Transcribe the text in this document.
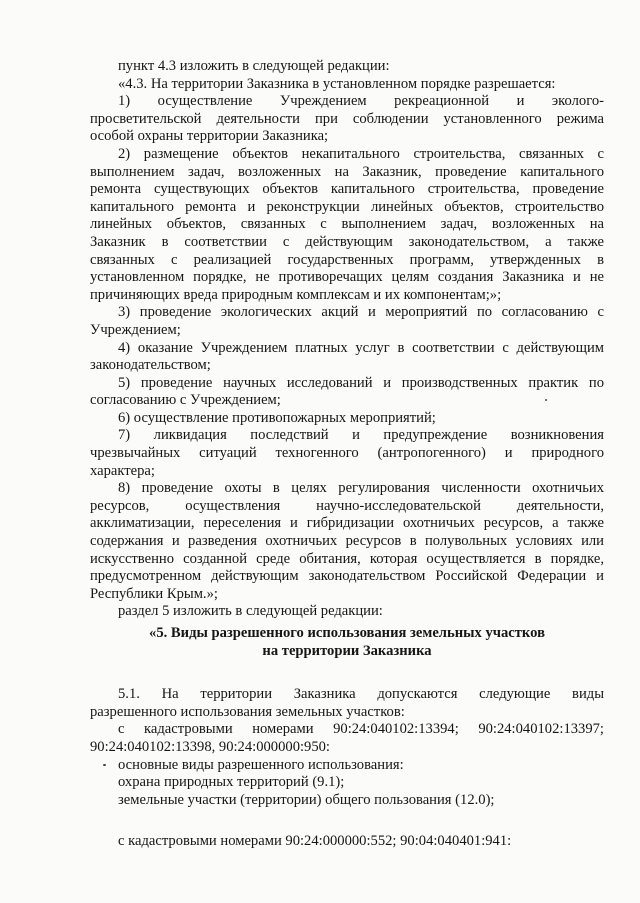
пункт 4.3 изложить в следующей редакции:
«4.3. На территории Заказника в установленном порядке разрешается:
1) осуществление Учреждением рекреационной и эколого-
просветительской деятельности при соблюдении установленного режима
особой охраны территории Заказника;
2) размещение объектов некапитального строительства, связанных с
выполнением задач, возложенных на Заказник, проведение капитального
ремонта существующих объектов капитального строительства, проведение
капитального ремонта и реконструкции линейных объектов, строительство
линейных объектов, связанных с выполнением задач, возложенных на
Заказник в соответствии с действующим законодательством, а также
связанных с реализацией государственных программ, утвержденных в
установленном порядке, не противоречащих целям создания Заказника и не
причиняющих вреда природным комплексам и их компонентам;»;
3) проведение экологических акций и мероприятий по согласованию с
Учреждением;
4) оказание Учреждением платных услуг в соответствии с действующим
законодательством;
5) проведение научных исследований и производственных практик по
согласованию с Учреждением;
6) осуществление противопожарных мероприятий;
7) ликвидация последствий и предупреждение возникновения
чрезвычайных ситуаций техногенного (антропогенного) и природного
характера;
8) проведение охоты в целях регулирования численности охотничьих
ресурсов, осуществления научно-исследовательской деятельности,
акклиматизации, переселения и гибридизации охотничьих ресурсов, а также
содержания и разведения охотничьих ресурсов в полувольных условиях или
искусственно созданной среде обитания, которая осуществляется в порядке,
предусмотренном действующим законодательством Российской Федерации и
Республики Крым.»;
раздел 5 изложить в следующей редакции:
«5. Виды разрешенного использования земельных участков
на территории Заказника
5.1. На территории Заказника допускаются следующие виды
разрешенного использования земельных участков:
с кадастровыми номерами 90:24:040102:13394; 90:24:040102:13397;
90:24:040102:13398, 90:24:000000:950:
основные виды разрешенного использования:
охрана природных территорий (9.1);
земельные участки (территории) общего пользования (12.0);
с кадастровыми номерами 90:24:000000:552; 90:04:040401:941:
